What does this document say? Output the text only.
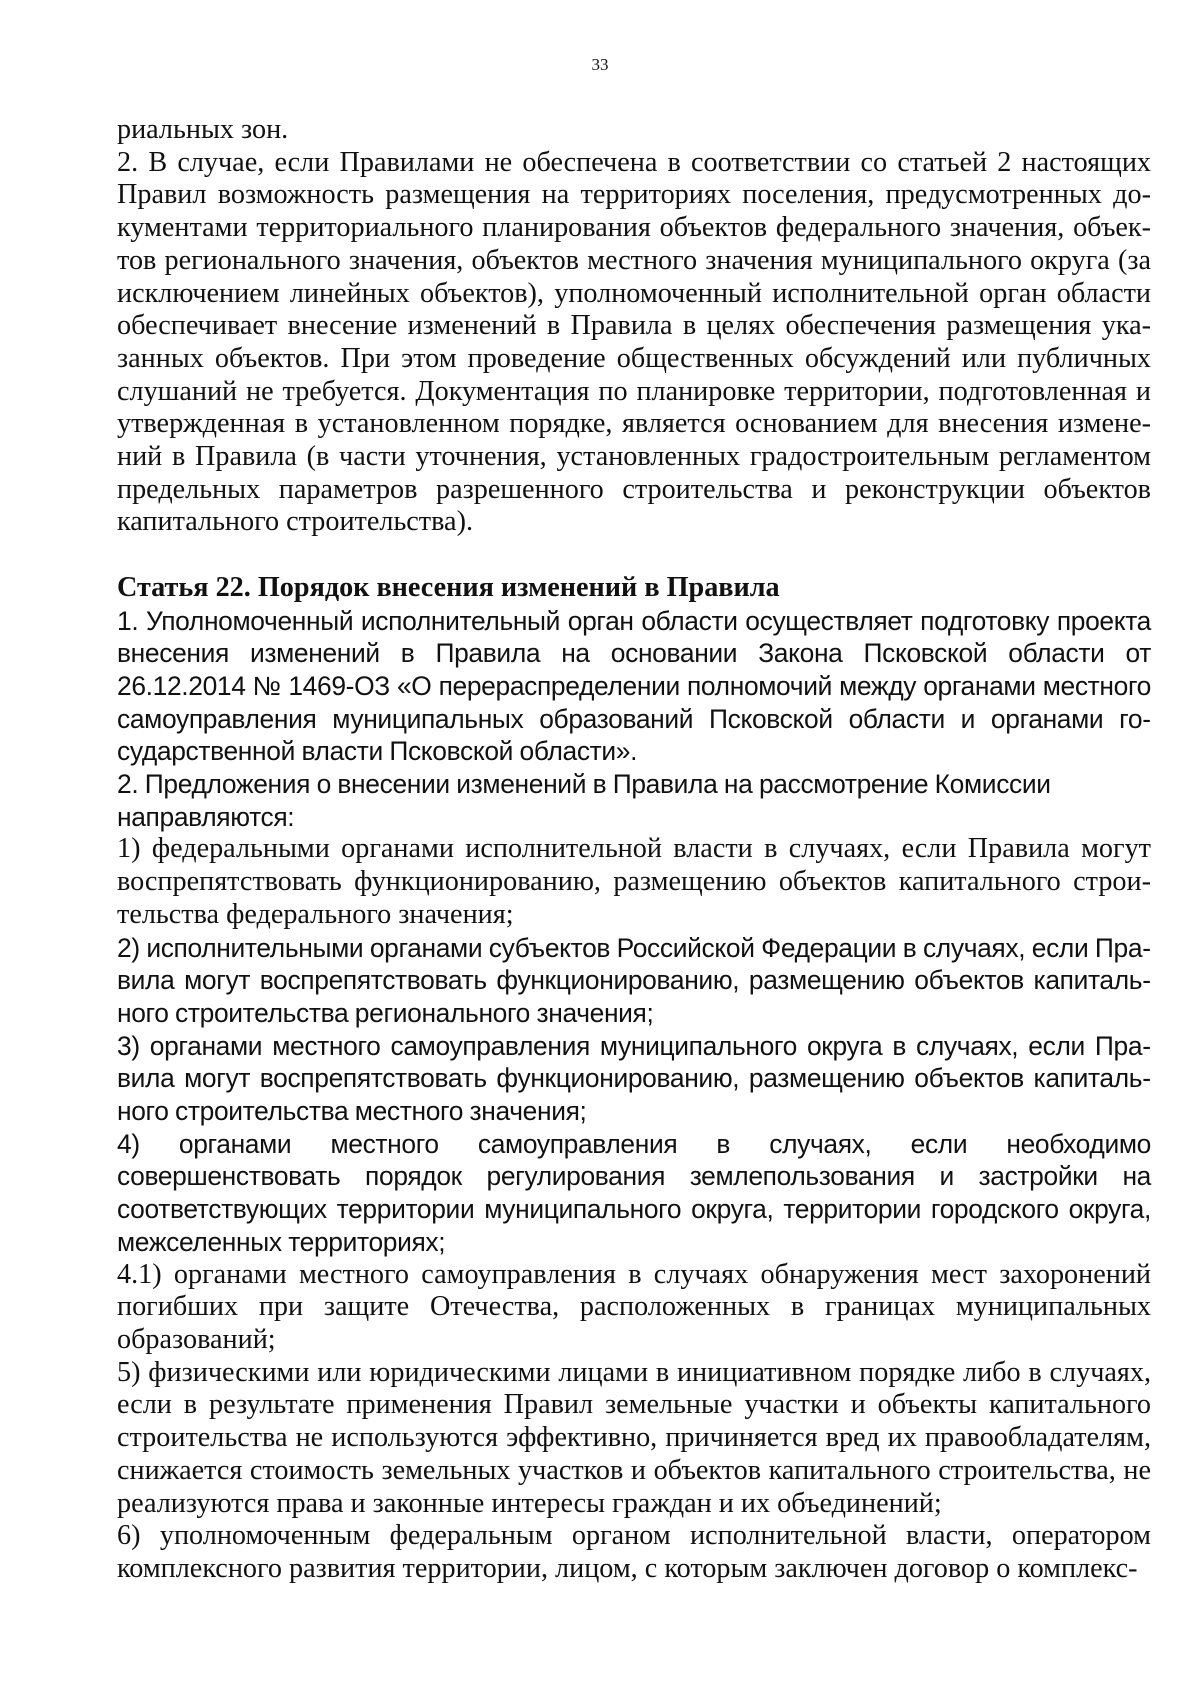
33

риальных зон.

2. В случае, если Правилами не обеспечена в соответствии со статьей 2 настоящих Правил возможность размещения на территориях поселения, предусмотренных документами территориального планирования объектов федерального значения, объектов регионального значения, объектов местного значения муниципального округа (за исключением линейных объектов), уполномоченный исполнительной орган области обеспечивает внесение изменений в Правила в целях обеспечения размещения указанных объектов. При этом проведение общественных обсуждений или публичных слушаний не требуется. Документация по планировке территории, подготовленная и утвержденная в установленном порядке, является основанием для внесения изменений в Правила (в части уточнения, установленных градостроительным регламентом предельных параметров разрешенного строительства и реконструкции объектов капитального строительства).

Статья 22. Порядок внесения изменений в Правила

1. Уполномоченный исполнительный орган области осуществляет подготовку проекта внесения изменений в Правила на основании Закона Псковской области от 26.12.2014 № 1469-ОЗ «О перераспределении полномочий между органами местного самоуправления муниципальных образований Псковской области и органами государственной власти Псковской области».

2. Предложения о внесении изменений в Правила на рассмотрение Комиссии направляются:

1) федеральными органами исполнительной власти в случаях, если Правила могут воспрепятствовать функционированию, размещению объектов капитального строительства федерального значения;

2) исполнительными органами субъектов Российской Федерации в случаях, если Правила могут воспрепятствовать функционированию, размещению объектов капитального строительства регионального значения;

3) органами местного самоуправления муниципального округа в случаях, если Правила могут воспрепятствовать функционированию, размещению объектов капитального строительства местного значения;

4) органами местного самоуправления в случаях, если необходимо совершенствовать порядок регулирования землепользования и застройки на соответствующих территории муниципального округа, территории городского округа, межселенных территориях;

4.1) органами местного самоуправления в случаях обнаружения мест захоронений погибших при защите Отечества, расположенных в границах муниципальных образований;

5) физическими или юридическими лицами в инициативном порядке либо в случаях, если в результате применения Правил земельные участки и объекты капитального строительства не используются эффективно, причиняется вред их правообладателям, снижается стоимость земельных участков и объектов капитального строительства, не реализуются права и законные интересы граждан и их объединений;

6) уполномоченным федеральным органом исполнительной власти, оператором комплексного развития территории, лицом, с которым заключен договор о комплекс-
